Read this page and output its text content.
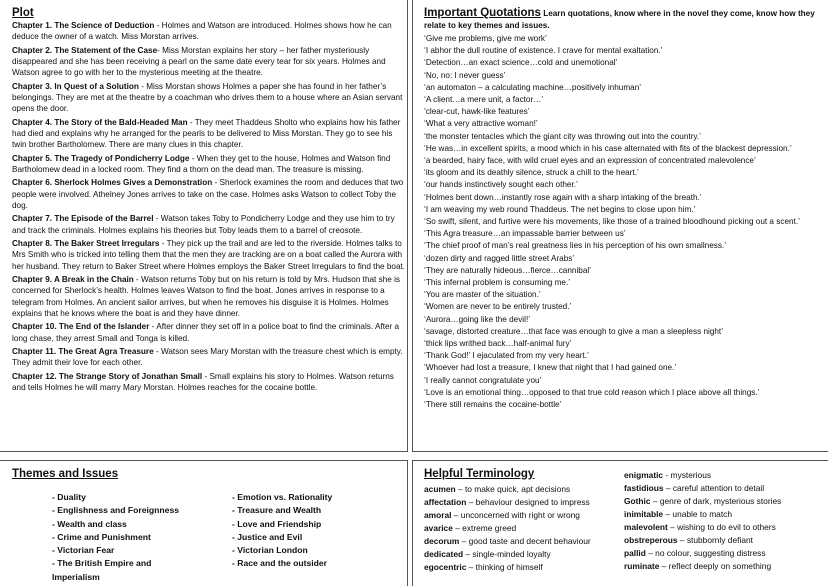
Plot
Chapter 1. The Science of Deduction - Holmes and Watson are introduced. Holmes shows how he can deduce the owner of a watch. Miss Morstan arrives.
Chapter 2. The Statement of the Case- Miss Morstan explains her story – her father mysteriously disappeared and she has been receiving a pearl on the same date every tear for six years. Holmes and Watson agree to go with her to the mysterious meeting at the theatre.
Chapter 3. In Quest of a Solution - Miss Morstan shows Holmes a paper she has found in her father’s belongings. They are met at the theatre by a coachman who drives them to a house where an Asian servant opens the door.
Chapter 4. The Story of the Bald-Headed Man - They meet Thaddeus Sholto who explains how his father had died and explains why he arranged for the pearls to be delivered to Miss Morstan. They go to see his twin brother Bartholomew. There are many clues in this chapter.
Chapter 5. The Tragedy of Pondicherry Lodge - When they get to the house, Holmes and Watson find Bartholomew dead in a locked room. They find a thorn on the dead man. The treasure is missing.
Chapter 6. Sherlock Holmes Gives a Demonstration - Sherlock examines the room and deduces that two people were involved. Athelney Jones arrives to take on the case. Holmes asks Watson to collect Toby the dog.
Chapter 7. The Episode of the Barrel - Watson takes Toby to Pondicherry Lodge and they use him to try and track the criminals. Holmes explains his theories but Toby leads them to a barrel of creosote.
Chapter 8. The Baker Street Irregulars - They pick up the trail and are led to the riverside. Holmes talks to Mrs Smith who is tricked into telling them that the men they are tracking are on a boat called the Aurora with her husband. They return to Baker Street where Holmes employs the Baker Street Irregulars to find the boat.
Chapter 9. A Break in the Chain - Watson returns Toby but on his return is told by Mrs. Hudson that she is concerned for Sherlock’s health. Holmes leaves Watson to find the boat. Jones arrives in response to a telegram from Holmes. An ancient sailor arrives, but when he removes his disguise it is Holmes. Holmes explains that he knows where the boat is and they have dinner.
Chapter 10. The End of the Islander - After dinner they set off in a police boat to find the criminals. After a long chase, they arrest Small and Tonga is killed.
Chapter 11. The Great Agra Treasure - Watson sees Mary Morstan with the treasure chest which is empty. They admit their love for each other.
Chapter 12. The Strange Story of Jonathan Small - Small explains his story to Holmes. Watson returns and tells Holmes he will marry Mary Morstan. Holmes reaches for the cocaine bottle.
Important Quotations Learn quotations, know where in the novel they come, know how they relate to key themes and issues.
‘Give me problems, give me work’
‘I abhor the dull routine of existence. I crave for mental exaltation.’
‘Detection…an exact science…cold and unemotional’
‘No, no: I never guess’
‘an automaton – a calculating machine…positively inhuman’
‘A client…a mere unit, a factor…’
‘clear-cut, hawk-like features’
‘What a very attractive woman!’
‘the monster tentacles which the giant city was throwing out into the country.’
‘He was…in excellent spirits, a mood which in his case alternated with fits of the blackest depression.’
‘a bearded, hairy face, with wild cruel eyes and an expression of concentrated malevolence’
‘its gloom and its deathly silence, struck a chill to the heart.’
‘our hands instinctively sought each other.’
‘Holmes bent down…instantly rose again with a sharp intaking of the breath.’
‘I am weaving my web round Thaddeus. The net begins to close upon him.’
‘So swift, silent, and furtive were his movements, like those of a trained bloodhound picking out a scent.’
‘This Agra treasure…an impassable barrier between us’
‘The chief proof of man’s real greatness lies in his perception of his own smallness.’
‘dozen dirty and ragged little street Arabs’
‘They are naturally hideous…fierce…cannibal’
‘This infernal problem is consuming me.’
‘You are master of the situation.’
‘Women are never to be entirely trusted.’
‘Aurora…going like the devil!’
‘savage, distorted creature…that face was enough to give a man a sleepless night’
‘thick lips writhed back…half-animal fury’
‘Thank God!’ I ejaculated from my very heart.’
‘Whoever had lost a treasure, I knew that night that I had gained one.’
‘I really cannot congratulate you’
‘Love is an emotional thing…opposed to that true cold reason which I place above all things.’
‘There still remains the cocaine-bottle’
Themes and Issues
- Duality
- Englishness and Foreignness
- Wealth and class
- Crime and Punishment
- Victorian Fear
- The British Empire and Imperialism
- Emotion vs. Rationality
- Treasure and Wealth
- Love and Friendship
- Justice and Evil
- Victorian London
- Race and the outsider
Helpful Terminology
acumen – to make quick, apt decisions
affectation – behaviour designed to impress
amoral – unconcerned with right or wrong
avarice – extreme greed
decorum – good taste and decent behaviour
dedicated – single-minded loyalty
egocentric – thinking of himself
enigmatic - mysterious
fastidious – careful attention to detail
Gothic – genre of dark, mysterious stories
inimitable – unable to match
malevolent – wishing to do evil to others
obstreperous – stubbornly defiant
pallid – no colour, suggesting distress
ruminate – reflect deeply on something
